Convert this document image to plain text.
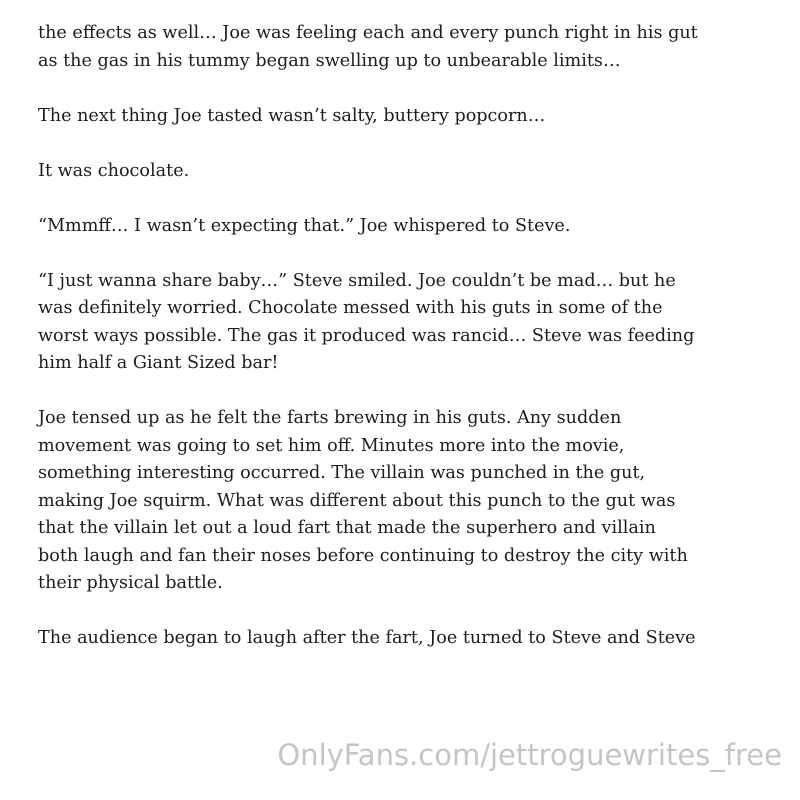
the effects as well… Joe was feeling each and every punch right in his gut
as the gas in his tummy began swelling up to unbearable limits…

The next thing Joe tasted wasn’t salty, buttery popcorn…

It was chocolate.

“Mmmff… I wasn’t expecting that.” Joe whispered to Steve.

“I just wanna share baby…” Steve smiled. Joe couldn’t be mad… but he
was definitely worried. Chocolate messed with his guts in some of the
worst ways possible. The gas it produced was rancid… Steve was feeding
him half a Giant Sized bar!

Joe tensed up as he felt the farts brewing in his guts. Any sudden
movement was going to set him off. Minutes more into the movie,
something interesting occurred. The villain was punched in the gut,
making Joe squirm. What was different about this punch to the gut was
that the villain let out a loud fart that made the superhero and villain
both laugh and fan their noses before continuing to destroy the city with
their physical battle.

The audience began to laugh after the fart, Joe turned to Steve and Steve

OnlyFans.com/jettroguewrites_free
